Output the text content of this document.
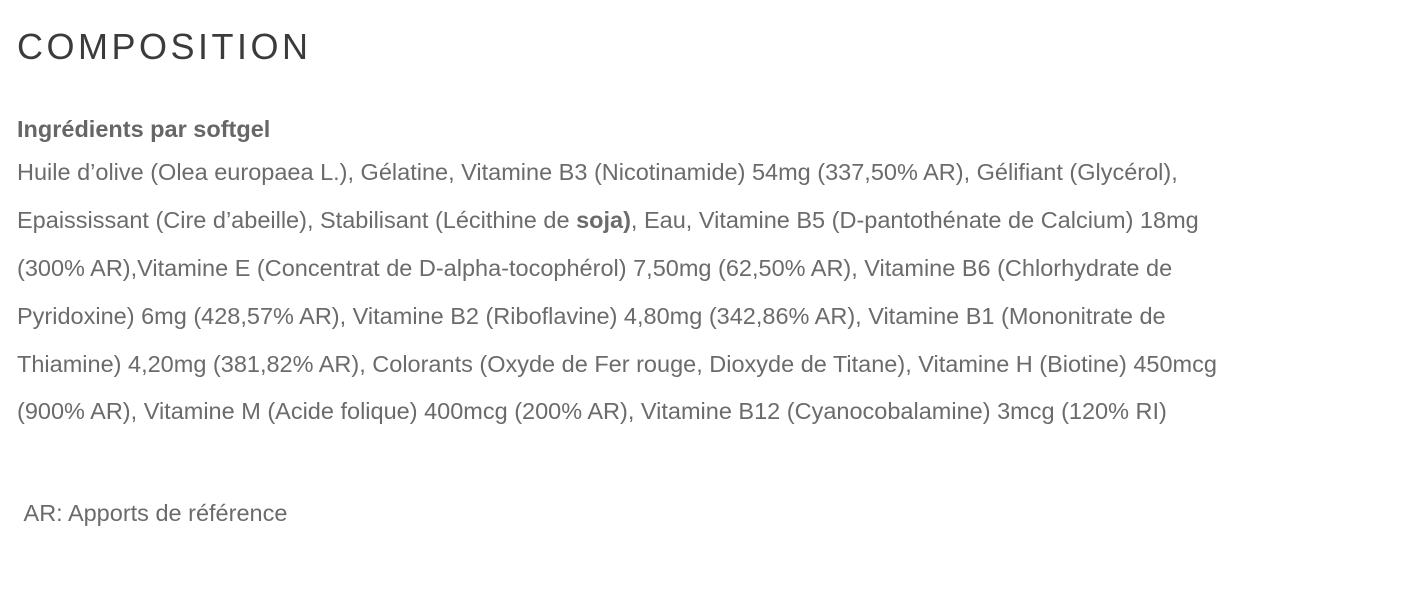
COMPOSITION
Ingrédients par softgel
Huile d’olive (Olea europaea L.), Gélatine, Vitamine B3 (Nicotinamide) 54mg (337,50% AR), Gélifiant (Glycérol),
Epaississant (Cire d’abeille), Stabilisant (Lécithine de soja), Eau, Vitamine B5 (D-pantothénate de Calcium) 18mg
(300% AR),Vitamine E (Concentrat de D-alpha-tocophérol) 7,50mg (62,50% AR), Vitamine B6 (Chlorhydrate de
Pyridoxine) 6mg (428,57% AR), Vitamine B2 (Riboflavine) 4,80mg (342,86% AR), Vitamine B1 (Mononitrate de
Thiamine) 4,20mg (381,82% AR), Colorants (Oxyde de Fer rouge, Dioxyde de Titane), Vitamine H (Biotine) 450mcg
(900% AR), Vitamine M (Acide folique) 400mcg (200% AR), Vitamine B12 (Cyanocobalamine) 3mcg (120% RI)
AR: Apports de référence
